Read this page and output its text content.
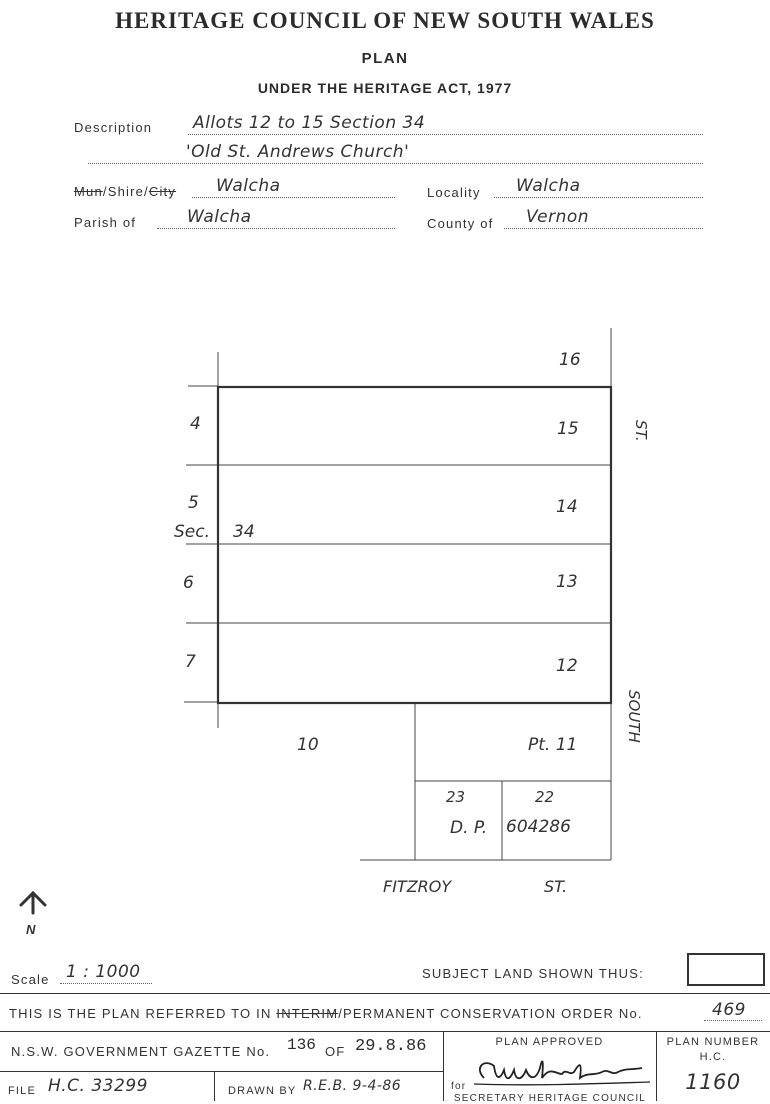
HERITAGE COUNCIL OF NEW SOUTH WALES
PLAN
UNDER THE HERITAGE ACT, 1977
Description Allots 12 to 15 Section 34
'Old St. Andrews Church'
Mun/Shire/City	Walcha	Locality	Walcha
Parish of	Walcha	County of	Vernon
4
5
6
7
Sec. 34
16
15
14
13
12
10	Pt. 11
23	22
D. P. 604286
FITZROY	ST.
ST.
SOUTH
N
Scale 1 : 1000	SUBJECT LAND SHOWN THUS:
THIS IS THE PLAN REFERRED TO IN INTERIM/PERMANENT CONSERVATION ORDER No.	469
N.S.W. GOVERNMENT GAZETTE No. 136 OF 29.8.86
FILE H.C. 33299	DRAWN BY R.E.B. 9-4-86
PLAN APPROVED
for
SECRETARY HERITAGE COUNCIL
PLAN NUMBER
H.C.
1160
